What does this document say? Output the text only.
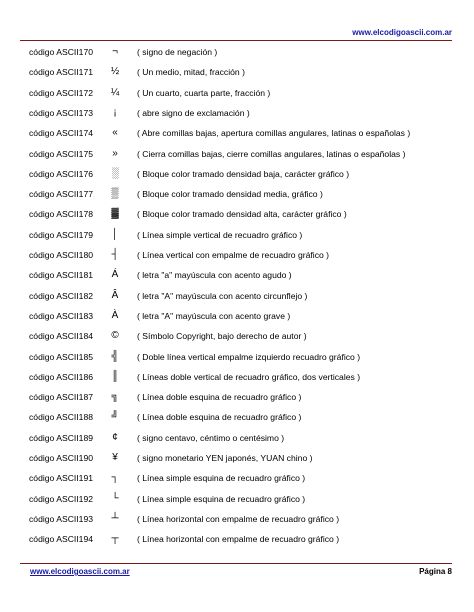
www.elcodigoascii.com.ar
código ASCII170	¬	( signo de negación )
código ASCII171 ½	( Un medio, mitad, fracción )
código ASCII172 ¼	( Un cuarto, cuarta parte, fracción )
código ASCII173	¡	( abre signo de exclamación )
código ASCII174	«	( Abre comillas bajas, apertura comillas angulares, latinas o españolas )
código ASCII175	»	( Cierra comillas bajas, cierre comillas angulares, latinas o españolas )
código ASCII176	░	( Bloque color tramado densidad baja, carácter gráfico )
código ASCII177	▒	( Bloque color tramado densidad media, gráfico )
código ASCII178	▓	( Bloque color tramado densidad alta, carácter gráfico )
código ASCII179	│	( Línea simple vertical de recuadro gráfico )
código ASCII180	┤	( Línea vertical con empalme de recuadro gráfico )
código ASCII181	Á	( letra "a" mayúscula con acento agudo )
código ASCII182	Â	( letra "A" mayúscula con acento circunflejo )
código ASCII183	À	( letra "A" mayúscula con acento grave )
código ASCII184	©	( Símbolo Copyright, bajo derecho de autor )
código ASCII185	╣	( Doble línea vertical empalme izquierdo recuadro gráfico )
código ASCII186	║	( Líneas doble vertical de recuadro gráfico, dos verticales )
código ASCII187	╗	( Línea doble esquina de recuadro gráfico )
código ASCII188	╝	( Línea doble esquina de recuadro gráfico )
código ASCII189	¢	( signo centavo, céntimo o centésimo )
código ASCII190	¥	( signo monetario YEN japonés, YUAN chino )
código ASCII191	┐	( Línea simple esquina de recuadro gráfico )
código ASCII192	└	( Línea simple esquina de recuadro gráfico )
código ASCII193	┴	( Línea horizontal con empalme de recuadro gráfico )
código ASCII194	┬	( Línea horizontal con empalme de recuadro gráfico )
www.elcodigoascii.com.ar	Página 8
